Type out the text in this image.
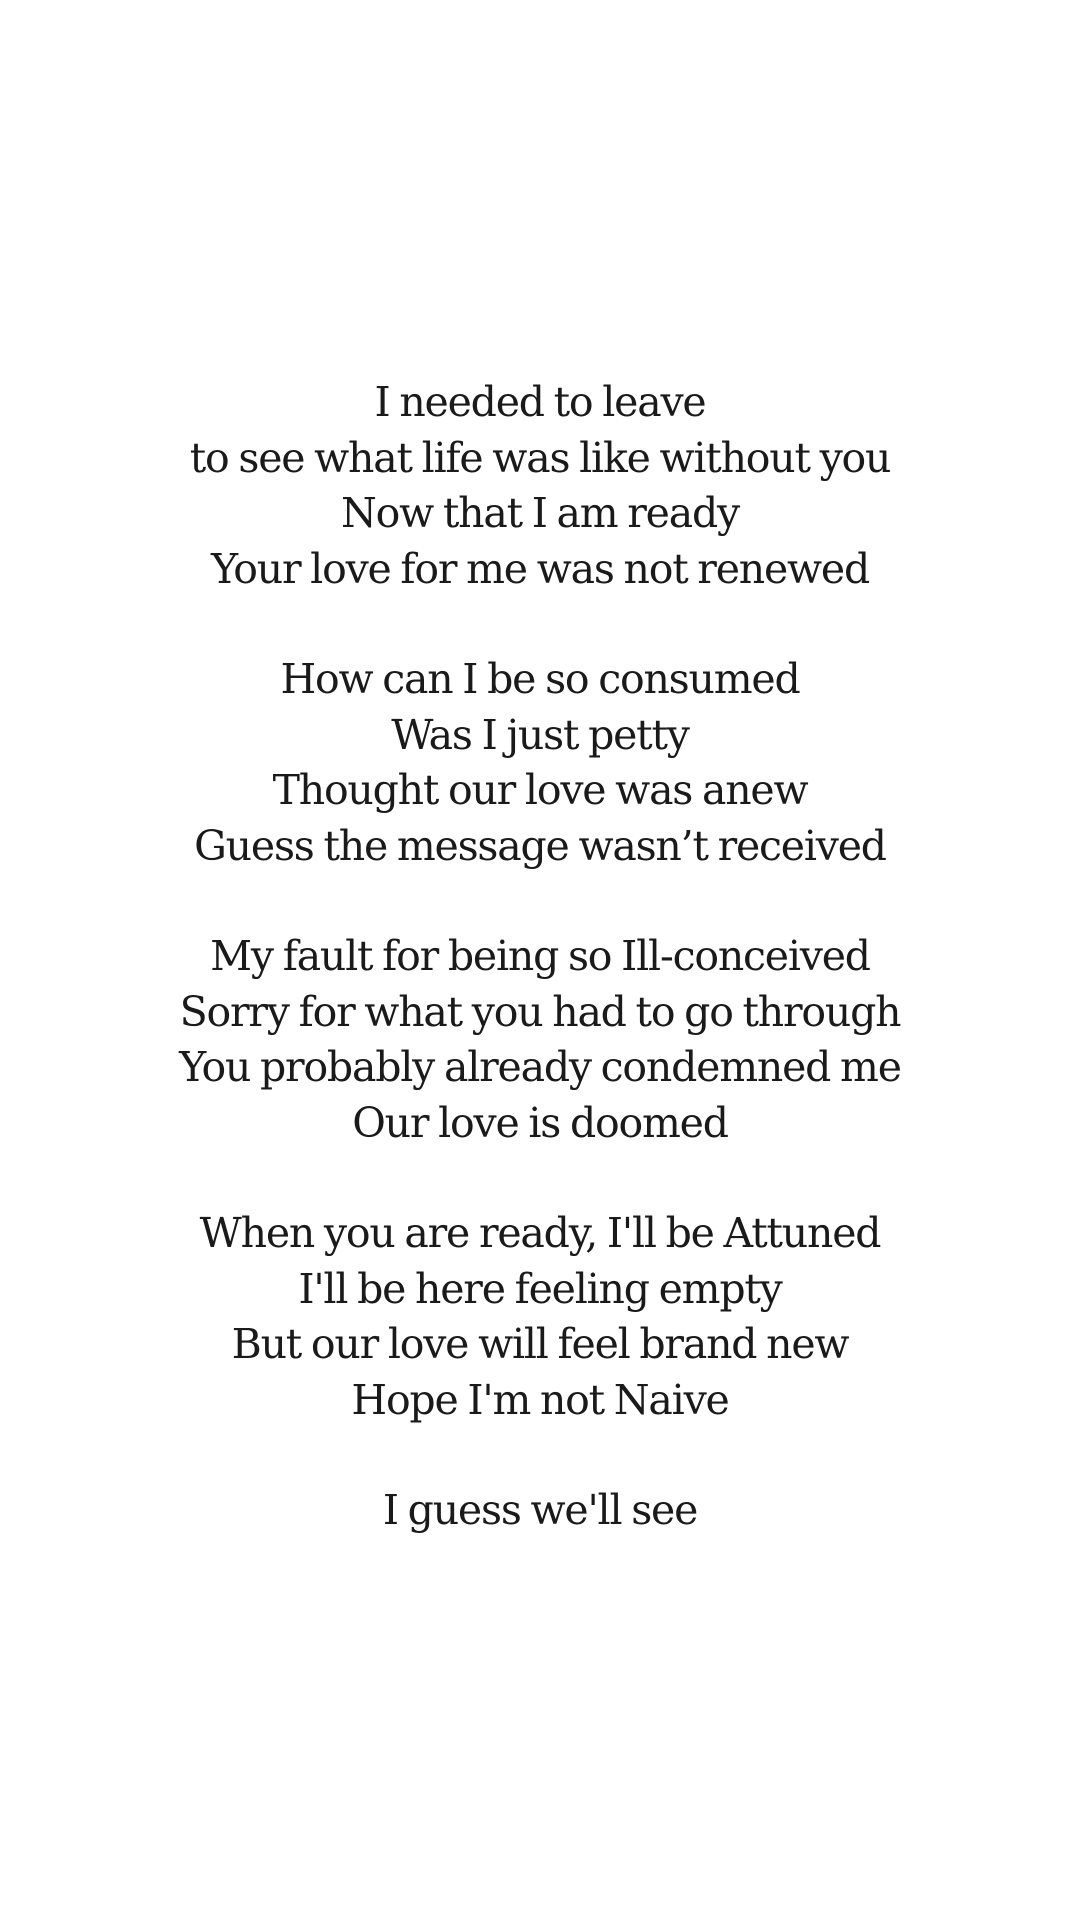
I needed to leave
to see what life was like without you
Now that I am ready
Your love for me was not renewed
How can I be so consumed
Was I just petty
Thought our love was anew
Guess the message wasn’t received
My fault for being so Ill-conceived
Sorry for what you had to go through
You probably already condemned me
Our love is doomed
When you are ready, I'll be Attuned
I'll be here feeling empty
But our love will feel brand new
Hope I'm not Naive
I guess we'll see
